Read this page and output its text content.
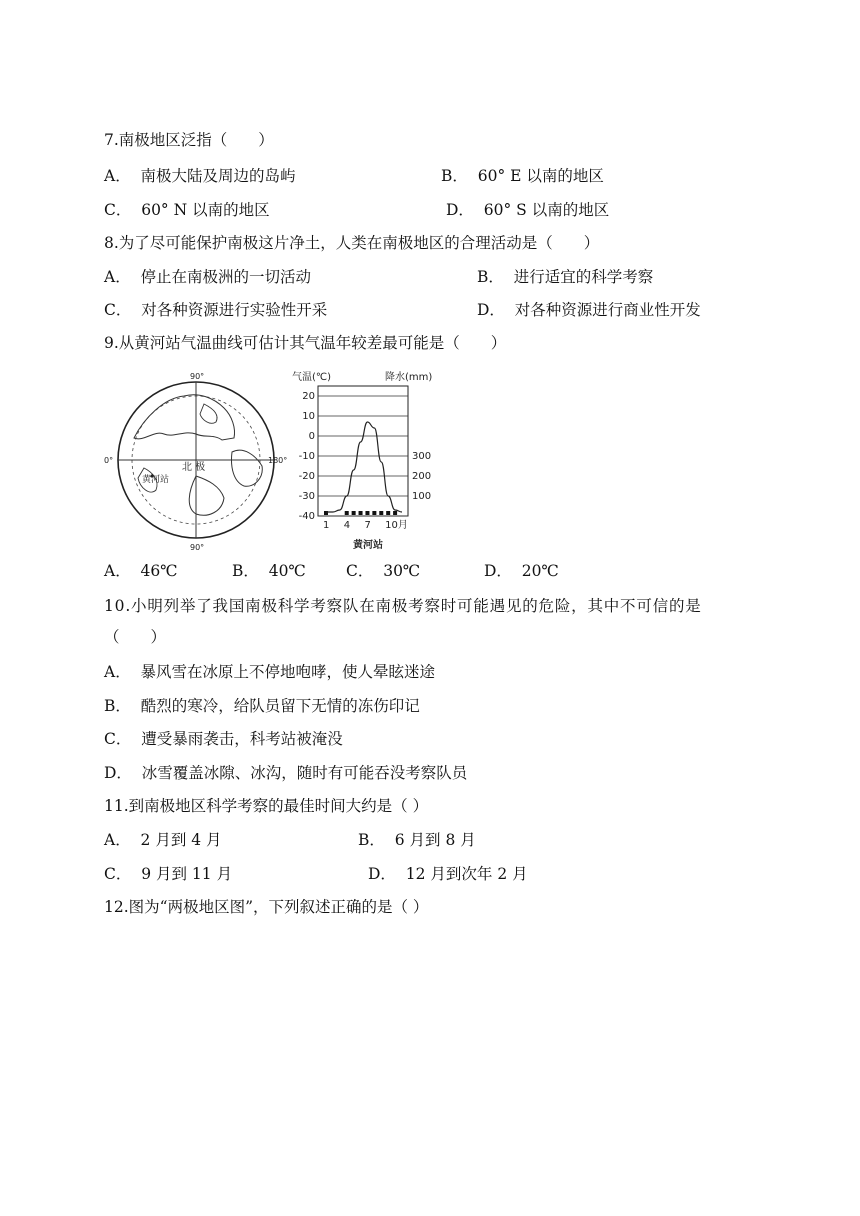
7.南极地区泛指（　　）
A．  南极大陆及周边的岛屿	B．  60° E 以南的地区
C．  60° N 以南的地区	D．  60° S 以南的地区
8.为了尽可能保护南极这片净土，人类在南极地区的合理活动是（　　）
A．  停止在南极洲的一切活动	B．  进行适宜的科学考察
C．  对各种资源进行实验性开采	D．  对各种资源进行商业性开发
9.从黄河站气温曲线可估计其气温年较差最可能是（　　）
90°
90°
0°	180°
北 极
黄河站
20
10
0
-10
-20
-30
-40
300
200
100
1 4 7 10月
气温(℃)	降水(mm)
黄河站
A．  46℃	B．  40℃	C．  30℃	D．  20℃
10.小明列举了我国南极科学考察队在南极考察时可能遇见的危险，其中不可信的是
（　　）
A．  暴风雪在冰原上不停地咆哮，使人晕眩迷途
B．  酷烈的寒冷，给队员留下无情的冻伤印记
C．  遭受暴雨袭击，科考站被淹没
D．  冰雪覆盖冰隙、冰沟，随时有可能吞没考察队员
11.到南极地区科学考察的最佳时间大约是（ ）
A．  2 月到 4 月	B．  6 月到 8 月
C．  9 月到 11 月	D．  12 月到次年 2 月
12.图为“两极地区图”，下列叙述正确的是（ ）
